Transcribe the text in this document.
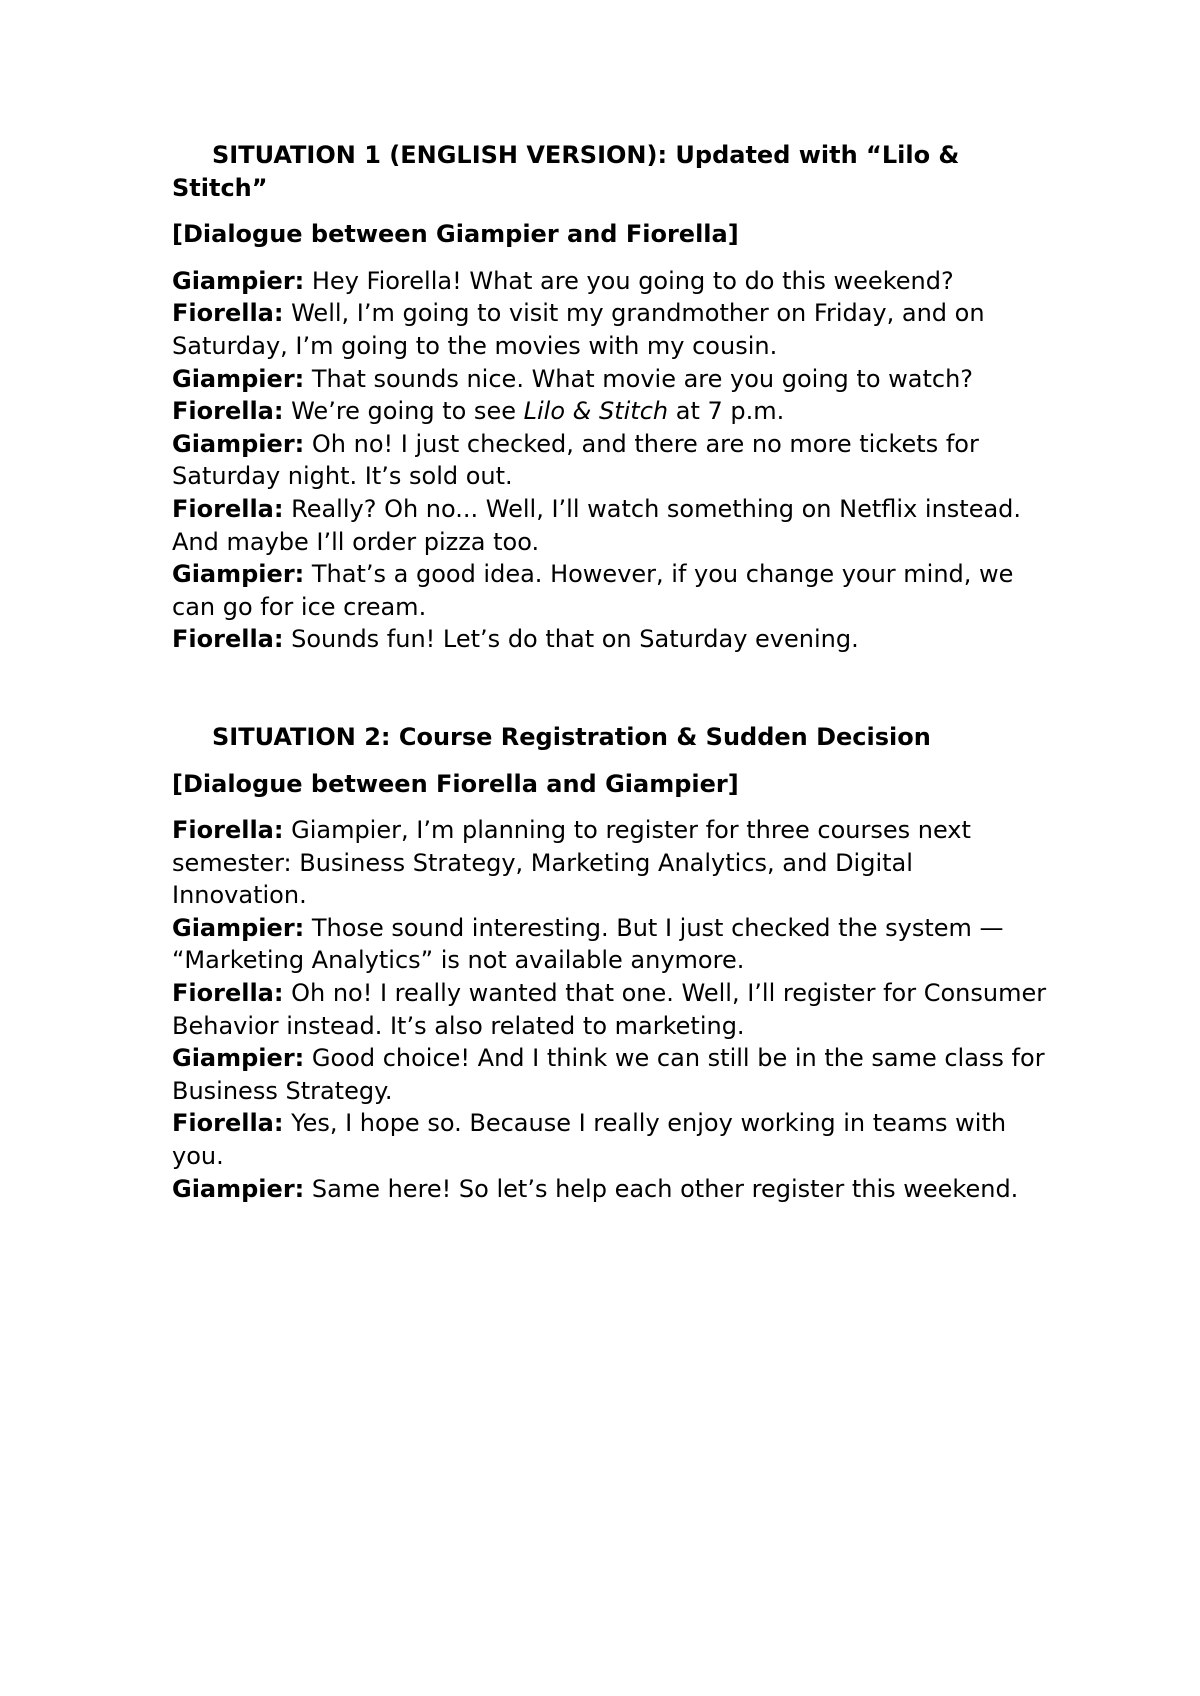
SITUATION 1 (ENGLISH VERSION): Updated with “Lilo & Stitch”

[Dialogue between Giampier and Fiorella]

Giampier: Hey Fiorella! What are you going to do this weekend?

Fiorella: Well, I’m going to visit my grandmother on Friday, and on Saturday, I’m going to the movies with my cousin.

Giampier: That sounds nice. What movie are you going to watch?

Fiorella: We’re going to see Lilo & Stitch at 7 p.m.

Giampier: Oh no! I just checked, and there are no more tickets for Saturday night. It’s sold out.

Fiorella: Really? Oh no... Well, I’ll watch something on Netflix instead. And maybe I’ll order pizza too.

Giampier: That’s a good idea. However, if you change your mind, we can go for ice cream.

Fiorella: Sounds fun! Let’s do that on Saturday evening.

SITUATION 2: Course Registration & Sudden Decision

[Dialogue between Fiorella and Giampier]

Fiorella: Giampier, I’m planning to register for three courses next semester: Business Strategy, Marketing Analytics, and Digital Innovation.

Giampier: Those sound interesting. But I just checked the system — “Marketing Analytics” is not available anymore.

Fiorella: Oh no! I really wanted that one. Well, I’ll register for Consumer Behavior instead. It’s also related to marketing.

Giampier: Good choice! And I think we can still be in the same class for Business Strategy.

Fiorella: Yes, I hope so. Because I really enjoy working in teams with you.

Giampier: Same here! So let’s help each other register this weekend.
